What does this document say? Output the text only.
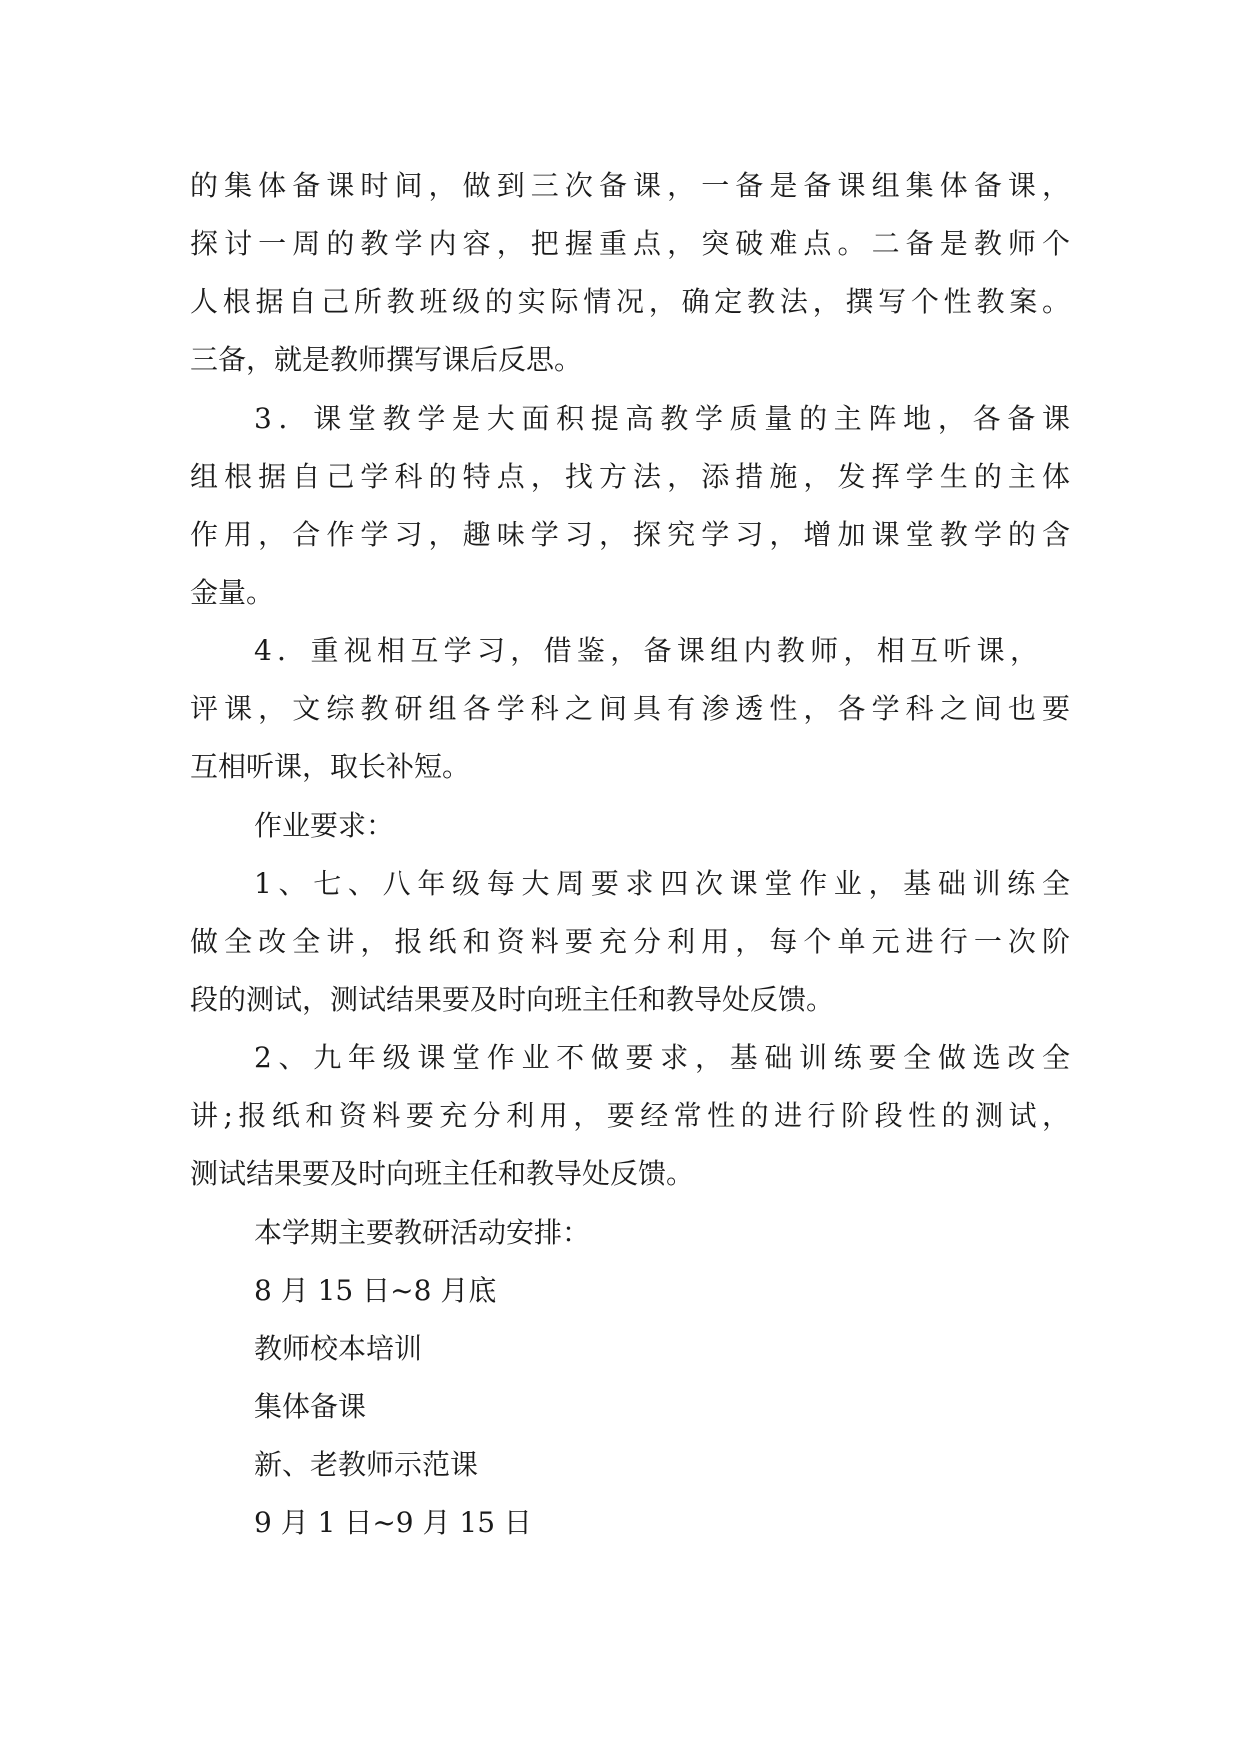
的集体备课时间，做到三次备课，一备是备课组集体备课，
探讨一周的教学内容，把握重点，突破难点。二备是教师个
人根据自己所教班级的实际情况，确定教法，撰写个性教案。
三备，就是教师撰写课后反思。
3．课堂教学是大面积提高教学质量的主阵地，各备课
组根据自己学科的特点，找方法，添措施，发挥学生的主体
作用，合作学习，趣味学习，探究学习，增加课堂教学的含
金量。
4．重视相互学习，借鉴，备课组内教师，相互听课，
评课，文综教研组各学科之间具有渗透性，各学科之间也要
互相听课，取长补短。
作业要求：
1、七、八年级每大周要求四次课堂作业，基础训练全
做全改全讲，报纸和资料要充分利用，每个单元进行一次阶
段的测试，测试结果要及时向班主任和教导处反馈。
2、九年级课堂作业不做要求，基础训练要全做选改全
讲;报纸和资料要充分利用，要经常性的进行阶段性的测试，
测试结果要及时向班主任和教导处反馈。
本学期主要教研活动安排：
8 月 15 日~8 月底
教师校本培训
集体备课
新、老教师示范课
9 月 1 日~9 月 15 日
